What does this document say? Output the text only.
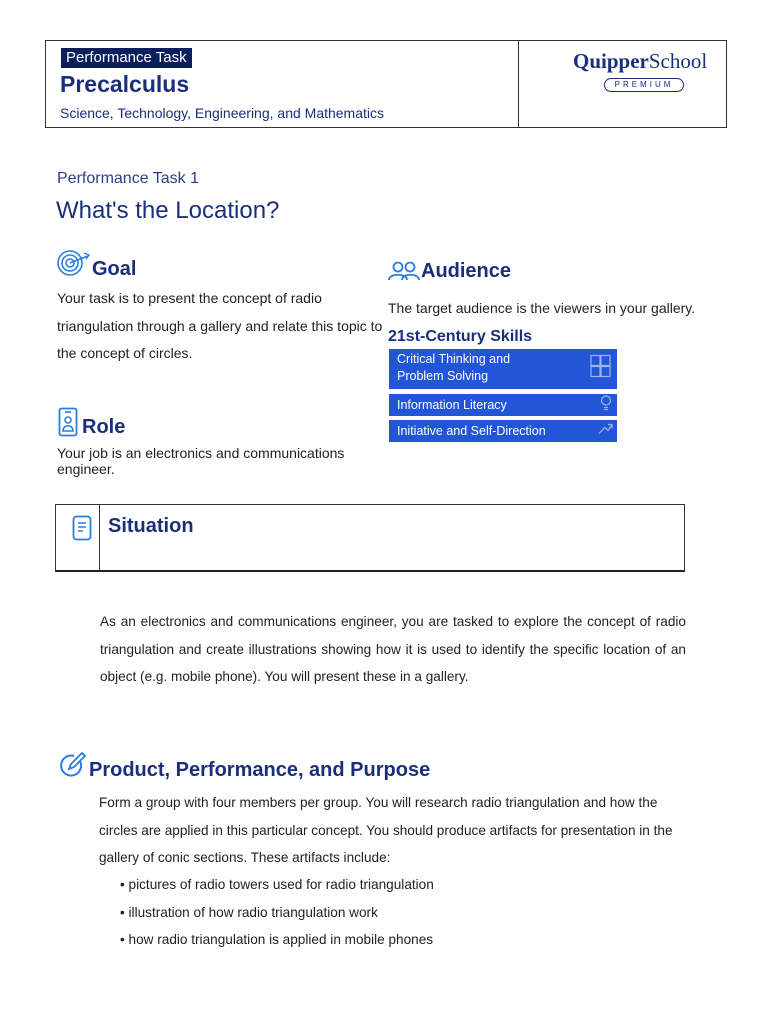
Performance Task
Precalculus
Science, Technology, Engineering, and Mathematics
QuipperSchool
PREMIUM
Performance Task 1
What's the Location?
Goal
Your task is to present the concept of radio triangulation through a gallery and relate this topic to the concept of circles.
Audience
The target audience is the viewers in your gallery.
21st-Century Skills
Critical Thinking and
Problem Solving
Information Literacy
Initiative and Self-Direction
Role
Your job is an electronics and communications engineer.
Situation
As an electronics and communications engineer, you are tasked to explore the concept of radio triangulation and create illustrations showing how it is used to identify the specific location of an object (e.g. mobile phone). You will present these in a gallery.
Product, Performance, and Purpose
Form a group with four members per group. You will research radio triangulation and how the circles are applied in this particular concept. You should produce artifacts for presentation in the gallery of conic sections. These artifacts include:
• pictures of radio towers used for radio triangulation
• illustration of how radio triangulation work
• how radio triangulation is applied in mobile phones
